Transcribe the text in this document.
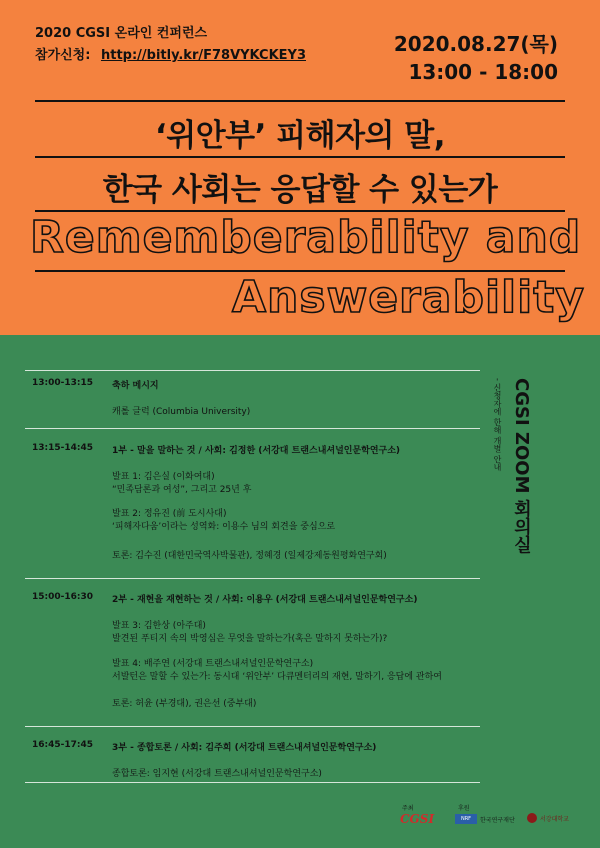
2020 CGSI 온라인 컨퍼런스
참가신청: http://bitly.kr/F78VYKCKEY3	2020.08.27(목)
13:00 - 18:00
‘위안부’ 피해자의 말,
한국 사회는 응답할 수 있는가
Rememberability and
Answerability
13:00-13:15 축하 메시지
캐롤 글럭 (Columbia University)
13:15-14:45 1부 - 말을 말하는 것 / 사회: 김정한 (서강대 트랜스내셔널인문학연구소)
발표 1: 김은실 (이화여대)
“민족담론과 여성”, 그리고 25년 후
발표 2: 정유진 (前 도시사대)
‘피해자다움’이라는 성역화: 이용수 님의 회견을 중심으로
토론: 김수진 (대한민국역사박물관), 정혜경 (일제강제동원평화연구회)
15:00-16:30 2부 - 재현을 재현하는 것 / 사회: 이용우 (서강대 트랜스내셔널인문학연구소)
발표 3: 김한상 (아주대)
발견된 푸티지 속의 박영심은 무엇을 말하는가(혹은 말하지 못하는가)?
발표 4: 배주연 (서강대 트랜스내셔널인문학연구소)
서발턴은 말할 수 있는가: 동시대 ‘위안부’ 다큐멘터리의 재현, 말하기, 응답에 관하여
토론: 허윤 (부경대), 권은선 (중부대)
16:45-17:45 3부 - 종합토론 / 사회: 김주희 (서강대 트랜스내셔널인문학연구소)
종합토론: 임지현 (서강대 트랜스내셔널인문학연구소)
CGSI ZOOM 회의실
- 신청자에 한해 개별 안내
주최	후원
CGSI	NRF	한국연구재단	서강대학교
